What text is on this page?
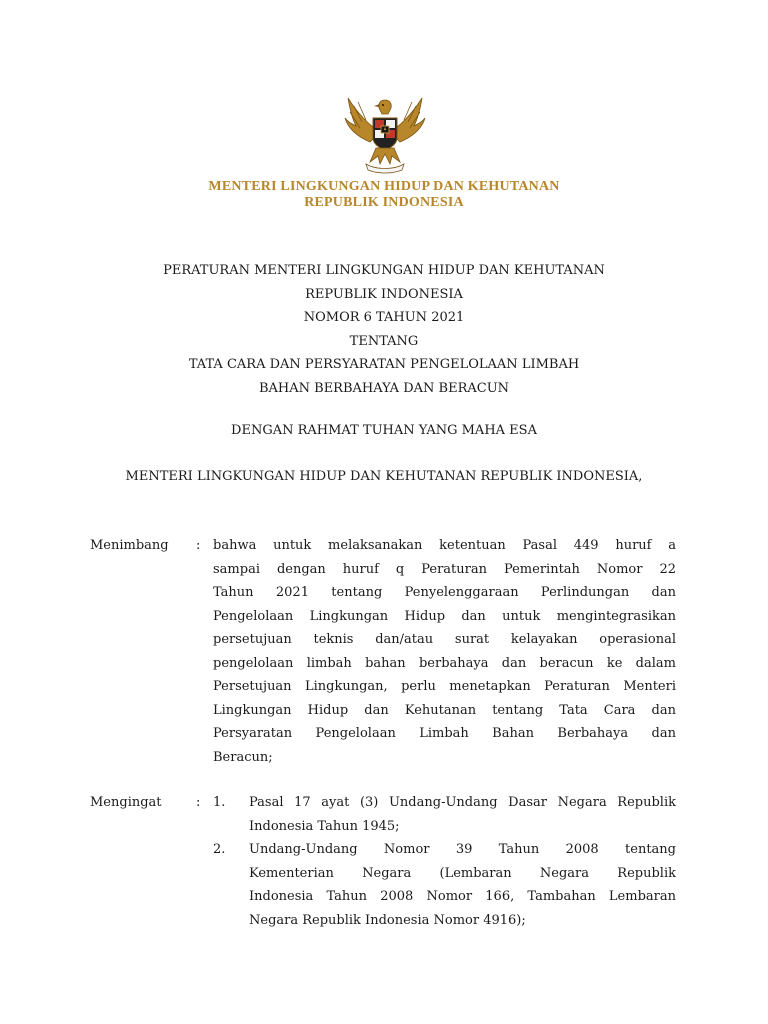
MENTERI LINGKUNGAN HIDUP DAN KEHUTANAN
REPUBLIK INDONESIA
PERATURAN MENTERI LINGKUNGAN HIDUP DAN KEHUTANAN
REPUBLIK INDONESIA
NOMOR 6 TAHUN 2021
TENTANG
TATA CARA DAN PERSYARATAN PENGELOLAAN LIMBAH
BAHAN BERBAHAYA DAN BERACUN
DENGAN RAHMAT TUHAN YANG MAHA ESA
MENTERI LINGKUNGAN HIDUP DAN KEHUTANAN REPUBLIK INDONESIA,
Menimbang : bahwa untuk melaksanakan ketentuan Pasal 449 huruf a
sampai dengan huruf q Peraturan Pemerintah Nomor 22
Tahun 2021 tentang Penyelenggaraan Perlindungan dan
Pengelolaan Lingkungan Hidup dan untuk mengintegrasikan
persetujuan teknis dan/atau surat kelayakan operasional
pengelolaan limbah bahan berbahaya dan beracun ke dalam
Persetujuan Lingkungan, perlu menetapkan Peraturan Menteri
Lingkungan Hidup dan Kehutanan tentang Tata Cara dan
Persyaratan Pengelolaan Limbah Bahan Berbahaya dan
Beracun;
Mengingat	: 1. Pasal 17 ayat (3) Undang-Undang Dasar Negara Republik
Indonesia Tahun 1945;
2. Undang-Undang Nomor 39 Tahun 2008 tentang
Kementerian Negara (Lembaran Negara Republik
Indonesia Tahun 2008 Nomor 166, Tambahan Lembaran
Negara Republik Indonesia Nomor 4916);
